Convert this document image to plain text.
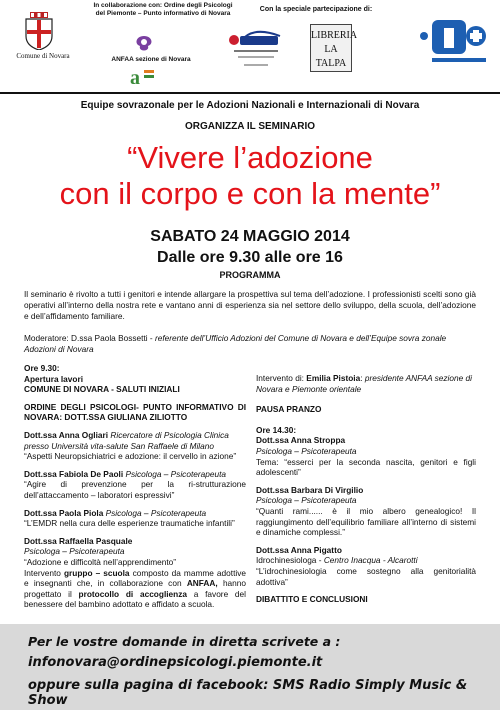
Comune di Novara
In collaborazione con: Ordine degli Psicologi del Piemonte – Punto informativo di Novara
ANFAA sezione di Novara
a
Con la speciale partecipazione di:
LIBRERIA LA TALPA
Equipe sovrazonale per le Adozioni Nazionali e Internazionali di Novara
ORGANIZZA IL SEMINARIO
“Vivere l’adozione
con il corpo e con la mente”
SABATO 24 MAGGIO 2014
Dalle ore 9.30 alle ore 16
PROGRAMMA
Il seminario è rivolto a tutti i genitori e intende allargare la prospettiva sul tema dell’adozione. I professionisti scelti sono già operativi all’interno della nostra rete e vantano anni di esperienza sia nel settore dello sviluppo, della scuola, dell’adozione e dell’affidamento familiare.
Moderatore: D.ssa Paola Bossetti - referente dell’Ufficio Adozioni del Comune di Novara e dell’Equipe sovra zonale Adozioni di Novara
Ore 9.30:
Apertura lavori
COMUNE DI NOVARA - SALUTI INIZIALI
ORDINE DEGLI PSICOLOGI- PUNTO INFORMATIVO DI NOVARA: DOTT.SSA GIULIANA ZILIOTTO
Dott.ssa Anna Ogliari Ricercatore di Psicologia Clinica presso Università vita-salute San Raffaele di Milano
“Aspetti Neuropsichiatrici e adozione: il cervello in azione”
Dott.ssa Fabiola De Paoli Psicologa – Psicoterapeuta
“Agire di prevenzione per la ri-strutturazione dell’attaccamento – laboratori espressivi”
Dott.ssa Paola Piola Psicologa – Psicoterapeuta
“L’EMDR nella cura delle esperienze traumatiche infantili”
Dott.ssa Raffaella Pasquale
Psicologa – Psicoterapeuta
“Adozione e difficoltà nell’apprendimento”
Intervento gruppo – scuola composto da mamme adottive e insegnanti che, in collaborazione con ANFAA, hanno progettato il protocollo di accoglienza a favore del benessere del bambino adottato e affidato a scuola.
Intervento di: Emilia Pistoia: presidente ANFAA sezione di Novara e Piemonte orientale
PAUSA PRANZO
Ore 14.30:
Dott.ssa Anna Stroppa
Psicologa – Psicoterapeuta
Tema: “esserci per la seconda nascita, genitori e figli adolescenti”
Dott.ssa Barbara Di Virgilio
Psicologa – Psicoterapeuta
“Quanti rami...... è il mio albero genealogico! Il raggiungimento dell’equilibrio familiare all’interno di sistemi e dinamiche complessi.”
Dott.ssa Anna Pigatto
Idrochinesiologa - Centro Inacqua - Alcarotti
“L’idrochinesiologia come sostegno alla genitorialità adottiva”
DIBATTITO E CONCLUSIONI
Per le vostre domande in diretta scrivete a :
infonovara@ordinepsicologi.piemonte.it
oppure sulla pagina di facebook: SMS Radio Simply Music & Show
